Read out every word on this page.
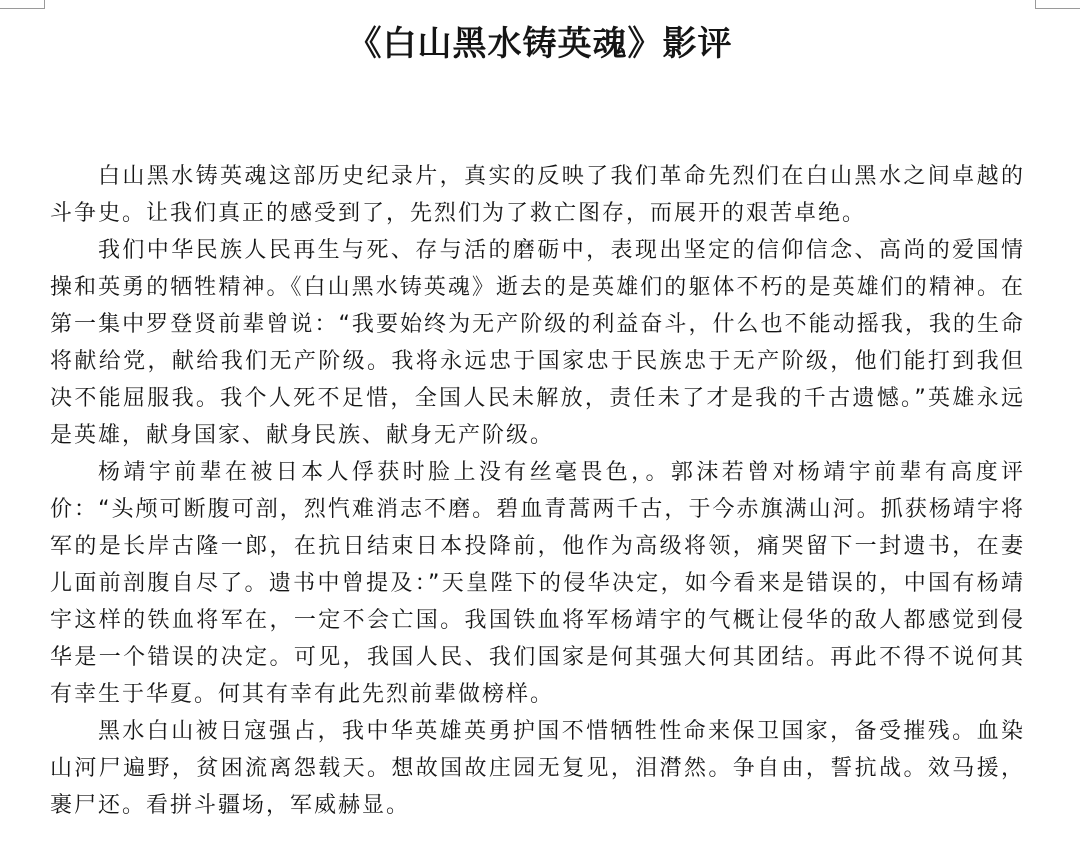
《白山黑水铸英魂》影评

白山黑水铸英魂这部历史纪录片，真实的反映了我们革命先烈们在白山黑水之间卓越的斗争史。让我们真正的感受到了，先烈们为了救亡图存，而展开的艰苦卓绝。

我们中华民族人民再生与死、存与活的磨砺中，表现出坚定的信仰信念、高尚的爱国情操和英勇的牺牲精神。《白山黑水铸英魂》逝去的是英雄们的躯体不朽的是英雄们的精神。在第一集中罗登贤前辈曾说：“我要始终为无产阶级的利益奋斗，什么也不能动摇我，我的生命将献给党，献给我们无产阶级。我将永远忠于国家忠于民族忠于无产阶级，他们能打到我但决不能屈服我。我个人死不足惜，全国人民未解放，责任未了才是我的千古遗憾。”英雄永远是英雄，献身国家、献身民族、献身无产阶级。

杨靖宇前辈在被日本人俘获时脸上没有丝毫畏色，。郭沫若曾对杨靖宇前辈有高度评价：“头颅可断腹可剖，烈忾难消志不磨。碧血青蒿两千古，于今赤旗满山河。抓获杨靖宇将军的是长岸古隆一郎，在抗日结束日本投降前，他作为高级将领，痛哭留下一封遗书，在妻儿面前剖腹自尽了。遗书中曾提及：”天皇陛下的侵华决定，如今看来是错误的，中国有杨靖宇这样的铁血将军在，一定不会亡国。我国铁血将军杨靖宇的气概让侵华的敌人都感觉到侵华是一个错误的决定。可见，我国人民、我们国家是何其强大何其团结。再此不得不说何其有幸生于华夏。何其有幸有此先烈前辈做榜样。

黑水白山被日寇强占，我中华英雄英勇护国不惜牺牲性命来保卫国家，备受摧残。血染山河尸遍野，贫困流离怨载天。想故国故庄园无复见，泪潸然。争自由，誓抗战。效马援，裹尸还。看拼斗疆场，军威赫显。
